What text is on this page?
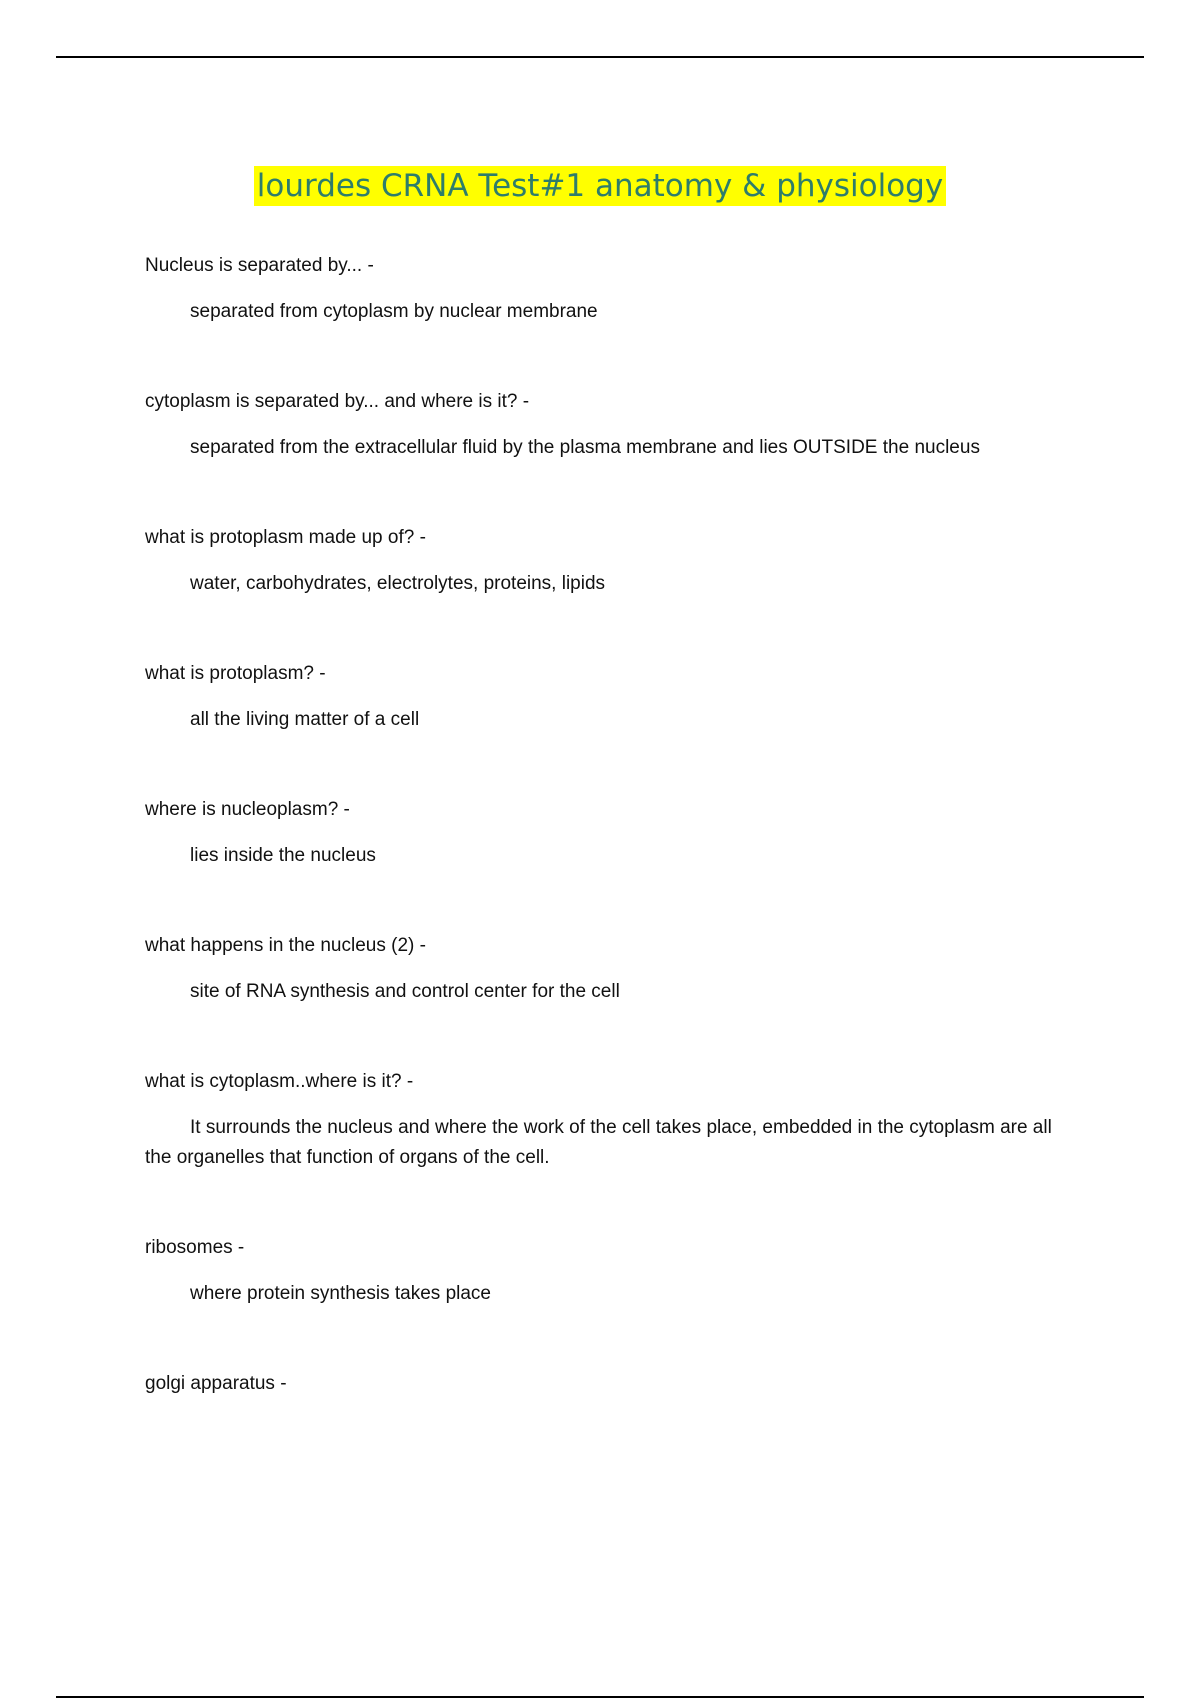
lourdes CRNA Test#1 anatomy & physiology

Nucleus is separated by... -

separated from cytoplasm by nuclear membrane

cytoplasm is separated by... and where is it? -

separated from the extracellular fluid by the plasma membrane and lies OUTSIDE the nucleus

what is protoplasm made up of? -

water, carbohydrates, electrolytes, proteins, lipids

what is protoplasm? -

all the living matter of a cell

where is nucleoplasm? -

lies inside the nucleus

what happens in the nucleus (2) -

site of RNA synthesis and control center for the cell

what is cytoplasm..where is it? -

It surrounds the nucleus and where the work of the cell takes place, embedded in the cytoplasm are all the organelles that function of organs of the cell.

ribosomes -

where protein synthesis takes place

golgi apparatus -
